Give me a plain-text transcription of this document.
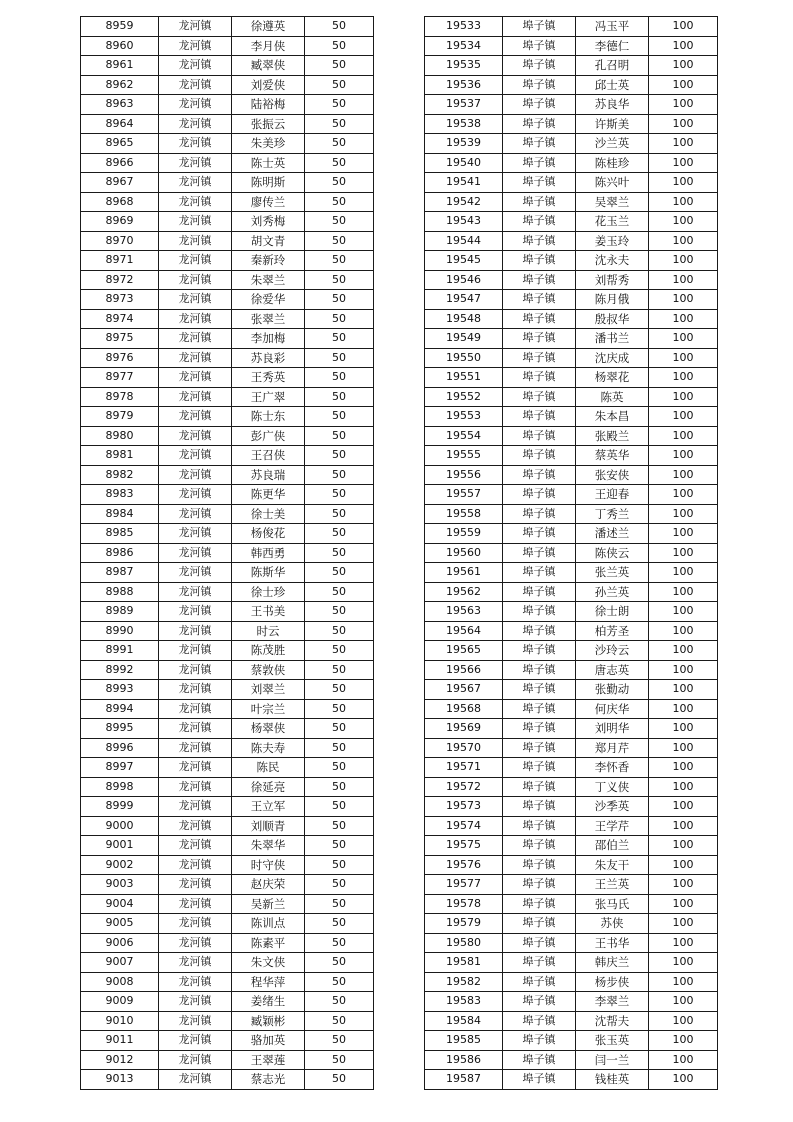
8959	龙河镇	徐遵英	50
8960	龙河镇	李月侠	50
8961	龙河镇	臧翠侠	50
8962	龙河镇	刘爱侠	50
8963	龙河镇	陆裕梅	50
8964	龙河镇	张振云	50
8965	龙河镇	朱美珍	50
8966	龙河镇	陈士英	50
8967	龙河镇	陈明斯	50
8968	龙河镇	廖传兰	50
8969	龙河镇	刘秀梅	50
8970	龙河镇	胡文青	50
8971	龙河镇	秦新玲	50
8972	龙河镇	朱翠兰	50
8973	龙河镇	徐爱华	50
8974	龙河镇	张翠兰	50
8975	龙河镇	李加梅	50
8976	龙河镇	苏良彩	50
8977	龙河镇	王秀英	50
8978	龙河镇	王广翠	50
8979	龙河镇	陈士东	50
8980	龙河镇	彭广侠	50
8981	龙河镇	王召侠	50
8982	龙河镇	苏良瑞	50
8983	龙河镇	陈更华	50
8984	龙河镇	徐士美	50
8985	龙河镇	杨俊花	50
8986	龙河镇	韩西勇	50
8987	龙河镇	陈斯华	50
8988	龙河镇	徐士珍	50
8989	龙河镇	王书美	50
8990	龙河镇	时云	50
8991	龙河镇	陈茂胜	50
8992	龙河镇	蔡敦侠	50
8993	龙河镇	刘翠兰	50
8994	龙河镇	叶宗兰	50
8995	龙河镇	杨翠侠	50
8996	龙河镇	陈夫寿	50
8997	龙河镇	陈民	50
8998	龙河镇	徐延亮	50
8999	龙河镇	王立军	50
9000	龙河镇	刘顺青	50
9001	龙河镇	朱翠华	50
9002	龙河镇	时守侠	50
9003	龙河镇	赵庆荣	50
9004	龙河镇	吴新兰	50
9005	龙河镇	陈训点	50
9006	龙河镇	陈素平	50
9007	龙河镇	朱文侠	50
9008	龙河镇	程华萍	50
9009	龙河镇	姜绪生	50
9010	龙河镇	臧颖彬	50
9011	龙河镇	骆加英	50
9012	龙河镇	王翠莲	50
9013	龙河镇	蔡志光	50
19533	埠子镇	冯玉平	100
19534	埠子镇	李德仁	100
19535	埠子镇	孔召明	100
19536	埠子镇	邱士英	100
19537	埠子镇	苏良华	100
19538	埠子镇	许斯美	100
19539	埠子镇	沙兰英	100
19540	埠子镇	陈桂珍	100
19541	埠子镇	陈兴叶	100
19542	埠子镇	吴翠兰	100
19543	埠子镇	花玉兰	100
19544	埠子镇	姜玉玲	100
19545	埠子镇	沈永夫	100
19546	埠子镇	刘帮秀	100
19547	埠子镇	陈月俄	100
19548	埠子镇	殷叔华	100
19549	埠子镇	潘书兰	100
19550	埠子镇	沈庆成	100
19551	埠子镇	杨翠花	100
19552	埠子镇	陈英	100
19553	埠子镇	朱本昌	100
19554	埠子镇	张殿兰	100
19555	埠子镇	蔡英华	100
19556	埠子镇	张安侠	100
19557	埠子镇	王迎春	100
19558	埠子镇	丁秀兰	100
19559	埠子镇	潘述兰	100
19560	埠子镇	陈侠云	100
19561	埠子镇	张兰英	100
19562	埠子镇	孙兰英	100
19563	埠子镇	徐士朗	100
19564	埠子镇	柏芳圣	100
19565	埠子镇	沙玲云	100
19566	埠子镇	唐志英	100
19567	埠子镇	张勤动	100
19568	埠子镇	何庆华	100
19569	埠子镇	刘明华	100
19570	埠子镇	郑月芹	100
19571	埠子镇	李怀香	100
19572	埠子镇	丁义侠	100
19573	埠子镇	沙季英	100
19574	埠子镇	王学芹	100
19575	埠子镇	邵伯兰	100
19576	埠子镇	朱友干	100
19577	埠子镇	王兰英	100
19578	埠子镇	张马氏	100
19579	埠子镇	苏侠	100
19580	埠子镇	王书华	100
19581	埠子镇	韩庆兰	100
19582	埠子镇	杨步侠	100
19583	埠子镇	李翠兰	100
19584	埠子镇	沈帮夫	100
19585	埠子镇	张玉英	100
19586	埠子镇	闫一兰	100
19587	埠子镇	钱桂英	100
